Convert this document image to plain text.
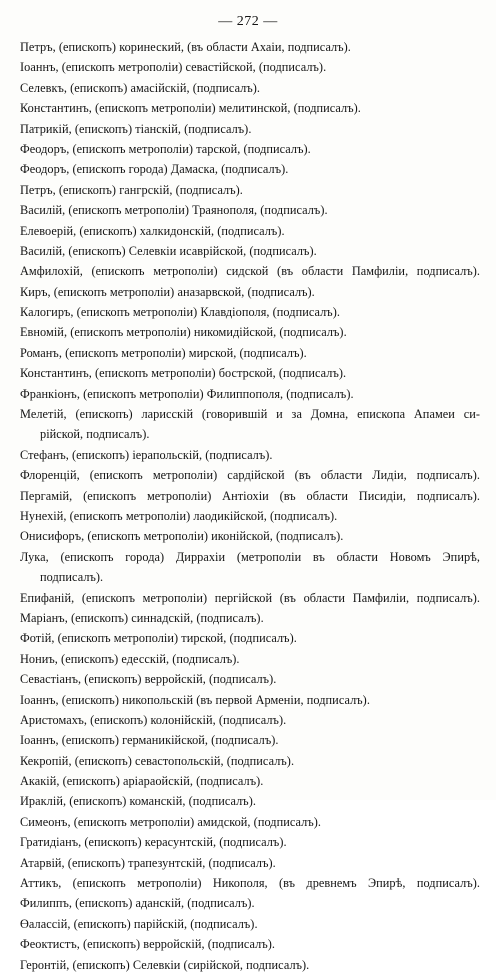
— 272 —
Петръ, (епископъ) коринеский, (въ области Ахаіи, подписалъ).
Іоаннъ, (епископъ метрополіи) севастійской, (подписалъ).
Селевкъ, (епископъ) амасійскій, (подписалъ).
Константинъ, (епископъ метрополіи) мелитинской, (подписалъ).
Патрикій, (епископъ) тіанскій, (подписалъ).
Феодоръ, (епископъ метрополіи) тарской, (подписалъ).
Феодоръ, (епископъ города) Дамаска, (подписалъ).
Петръ, (епископъ) гангрскій, (подписалъ).
Василій, (епископъ метрополіи) Траянополя, (подписалъ).
Елевоерій, (епископъ) халкидонскій, (подписалъ).
Василій, (епископъ) Селевкіи исаврійской, (подписалъ).
Амфилохій, (епископъ метрополіи) сидской (въ области Памфиліи, подписалъ).
Киръ, (епископъ метрополіи) аназарвской, (подписалъ).
Калогиръ, (епископъ метрополіи) Клавдіополя, (подписалъ).
Евномій, (епископъ метрополіи) никомидійской, (подписалъ).
Романъ, (епископъ метрополіи) мирской, (подписалъ).
Константинъ, (епископъ метрополіи) бострской, (подписалъ).
Франкіонъ, (епископъ метрополіи) Филиппополя, (подписалъ).
Мелетій, (епископъ) ларисскій (говорившій и за Домна, епископа Апамеи си-
рійской, подписалъ).
Стефанъ, (епископъ) іерапольскій, (подписалъ).
Флоренцій, (епископъ метрополіи) сардійской (въ области Лидіи, подписалъ).
Пергамій, (епископъ метрополіи) Антіохіи (въ области Писидіи, подписалъ).
Нунехій, (епископъ метрополіи) лаодикійской, (подписалъ).
Онисифоръ, (епископъ метрополіи) иконійской, (подписалъ).
Лука, (епископъ города) Диррахіи (метрополіи въ области Новомъ Эпирѣ,
подписалъ).
Епифаній, (епископъ метрополіи) пергійской (въ области Памфиліи, подписалъ).
Маріанъ, (епископъ) синнадскій, (подписалъ).
Фотій, (епископъ метрополіи) тирской, (подписалъ).
Нониъ, (епископъ) едесскій, (подписалъ).
Севастіанъ, (епископъ) верройскій, (подписалъ).
Іоаннъ, (епископъ) никопольскій (въ первой Арменіи, подписалъ).
Аристомахъ, (епископъ) колонійскій, (подписалъ).
Іоаннъ, (епископъ) германикійской, (подписалъ).
Кекропій, (епископъ) севастопольскій, (подписалъ).
Акакій, (епископъ) аріараойскій, (подписалъ).
Ираклій, (епископъ) команскій, (подписалъ).
Симеонъ, (епископъ метрополіи) амидской, (подписалъ).
Гратидіанъ, (епископъ) керасунтскій, (подписалъ).
Атарвій, (епископъ) трапезунтскій, (подписалъ).
Аттикъ, (епископъ метрополіи) Никополя, (въ древнемъ Эпирѣ, подписалъ).
Филиппъ, (епископъ) аданскій, (подписалъ).
Өалассій, (епископъ) парійскій, (подписалъ).
Феоктистъ, (епископъ) верройскій, (подписалъ).
Геронтій, (епископъ) Селевкіи (сирійской, подписалъ).
